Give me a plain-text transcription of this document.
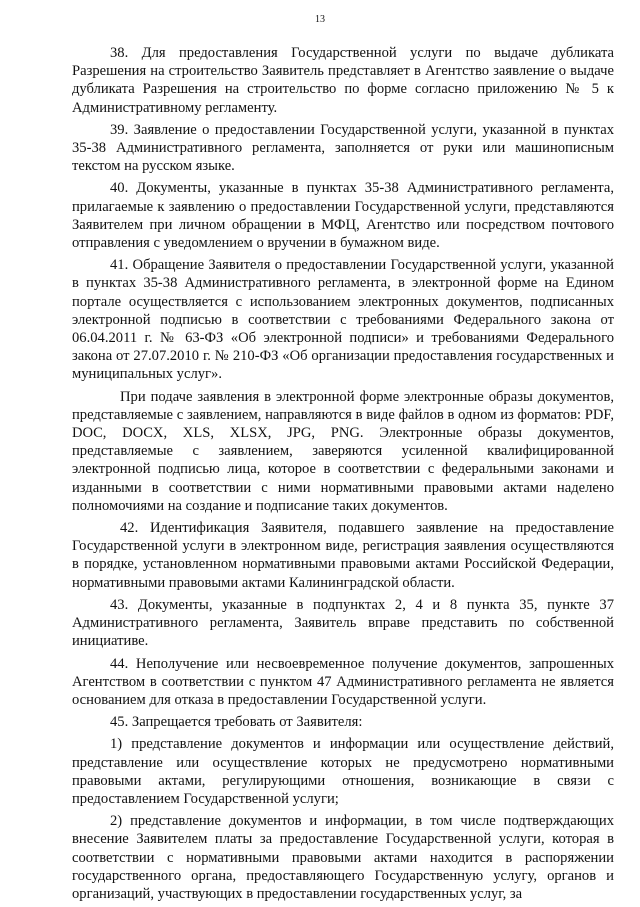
13

38. Для предоставления Государственной услуги по выдаче дубликата Разрешения на строительство Заявитель представляет в Агентство заявление о выдаче дубликата Разрешения на строительство по форме согласно приложению № 5 к Административному регламенту.

39. Заявление о предоставлении Государственной услуги, указанной в пунктах 35-38 Административного регламента, заполняется от руки или машинописным текстом на русском языке.

40. Документы, указанные в пунктах 35-38 Административного регламента, прилагаемые к заявлению о предоставлении Государственной услуги, представляются Заявителем при личном обращении в МФЦ, Агентство или посредством почтового отправления с уведомлением о вручении в бумажном виде.

41. Обращение Заявителя о предоставлении Государственной услуги, указанной в пунктах 35-38 Административного регламента, в электронной форме на Едином портале осуществляется с использованием электронных документов, подписанных электронной подписью в соответствии с требованиями Федерального закона от 06.04.2011 г. № 63-ФЗ «Об электронной подписи» и требованиями Федерального закона от 27.07.2010 г. № 210-ФЗ «Об организации предоставления государственных и муниципальных услуг».

При подаче заявления в электронной форме электронные образы документов, представляемые с заявлением, направляются в виде файлов в одном из форматов: PDF, DOC, DOCX, XLS, XLSX, JPG, PNG. Электронные образы документов, представляемые с заявлением, заверяются усиленной квалифицированной электронной подписью лица, которое в соответствии с федеральными законами и изданными в соответствии с ними нормативными правовыми актами наделено полномочиями на создание и подписание таких документов.

42. Идентификация Заявителя, подавшего заявление на предоставление Государственной услуги в электронном виде, регистрация заявления осуществляются в порядке, установленном нормативными правовыми актами Российской Федерации, нормативными правовыми актами Калининградской области.

43. Документы, указанные в подпунктах 2, 4 и 8 пункта 35, пункте 37 Административного регламента, Заявитель вправе представить по собственной инициативе.

44. Неполучение или несвоевременное получение документов, запрошенных Агентством в соответствии с пунктом 47 Административного регламента не является основанием для отказа в предоставлении Государственной услуги.

45. Запрещается требовать от Заявителя:

1) представление документов и информации или осуществление действий, представление или осуществление которых не предусмотрено нормативными правовыми актами, регулирующими отношения, возникающие в связи с предоставлением Государственной услуги;

2) представление документов и информации, в том числе подтверждающих внесение Заявителем платы за предоставление Государственной услуги, которая в соответствии с нормативными правовыми актами находится в распоряжении государственного органа, предоставляющего Государственную услугу, органов и организаций, участвующих в предоставлении государственных услуг, за
